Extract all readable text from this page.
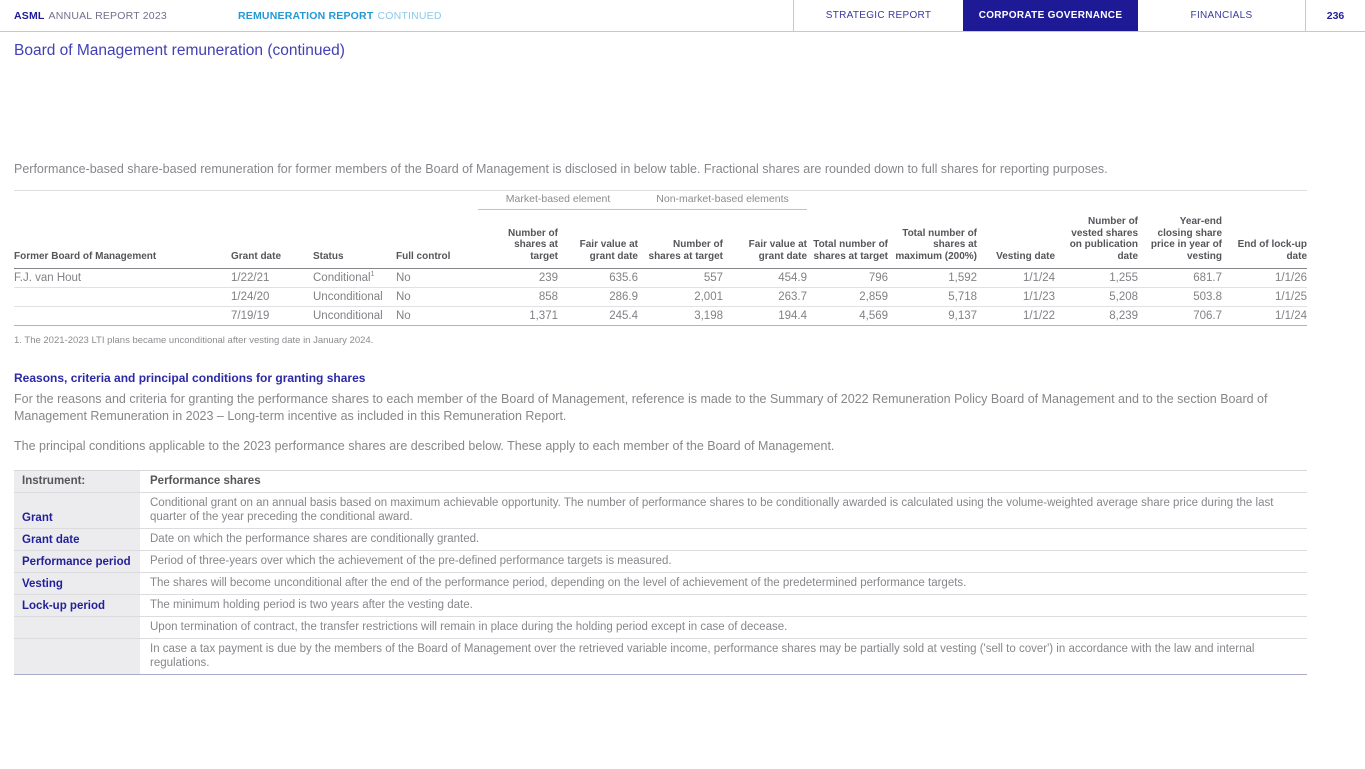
ASML ANNUAL REPORT 2023	REMUNERATION REPORT CONTINUED	STRATEGIC REPORT	CORPORATE GOVERNANCE	FINANCIALS	236
Board of Management remuneration (continued)
Performance-based share-based remuneration for former members of the Board of Management is disclosed in below table. Fractional shares are rounded down to full shares for reporting purposes.
				Market-based element		Non-market-based elements							
Former Board of Management	Grant date	Status	Full control	Number of shares at target	Fair value at grant date	Number of shares at target	Fair value at grant date	Total number of shares at target	Total number of shares at maximum (200%)	Vesting date	Number of vested shares on publication date	Year-end closing share price in year of vesting	End of lock-up date
F.J. van Hout	1/22/21	Conditional$^1$	No	239	635.6	557	454.9	796	1,592	1/1/24	1,255	681.7	1/1/26
	1/24/20	Unconditional	No	858	286.9	2,001	263.7	2,859	5,718	1/1/23	5,208	503.8	1/1/25
	7/19/19	Unconditional	No	1,371	245.4	3,198	194.4	4,569	9,137	1/1/22	8,239	706.7	1/1/24
1. The 2021-2023 LTI plans became unconditional after vesting date in January 2024.
Reasons, criteria and principal conditions for granting shares
For the reasons and criteria for granting the performance shares to each member of the Board of Management, reference is made to the Summary of 2022 Remuneration Policy Board of Management and to the section Board of Management Remuneration in 2023 – Long-term incentive as included in this Remuneration Report.
The principal conditions applicable to the 2023 performance shares are described below. These apply to each member of the Board of Management.
Instrument:		Performance shares
Grant		Conditional grant on an annual basis based on maximum achievable opportunity. The number of performance shares to be conditionally awarded is calculated using the volume-weighted average share price during the last quarter of the year preceding the conditional award.
Grant date		Date on which the performance shares are conditionally granted.
Performance period		Period of three-years over which the achievement of the pre-defined performance targets is measured.
Vesting		The shares will become unconditional after the end of the performance period, depending on the level of achievement of the predetermined performance targets.
Lock-up period		The minimum holding period is two years after the vesting date.
		Upon termination of contract, the transfer restrictions will remain in place during the holding period except in case of decease.
		In case a tax payment is due by the members of the Board of Management over the retrieved variable income, performance shares may be partially sold at vesting ('sell to cover') in accordance with the law and internal regulations.
